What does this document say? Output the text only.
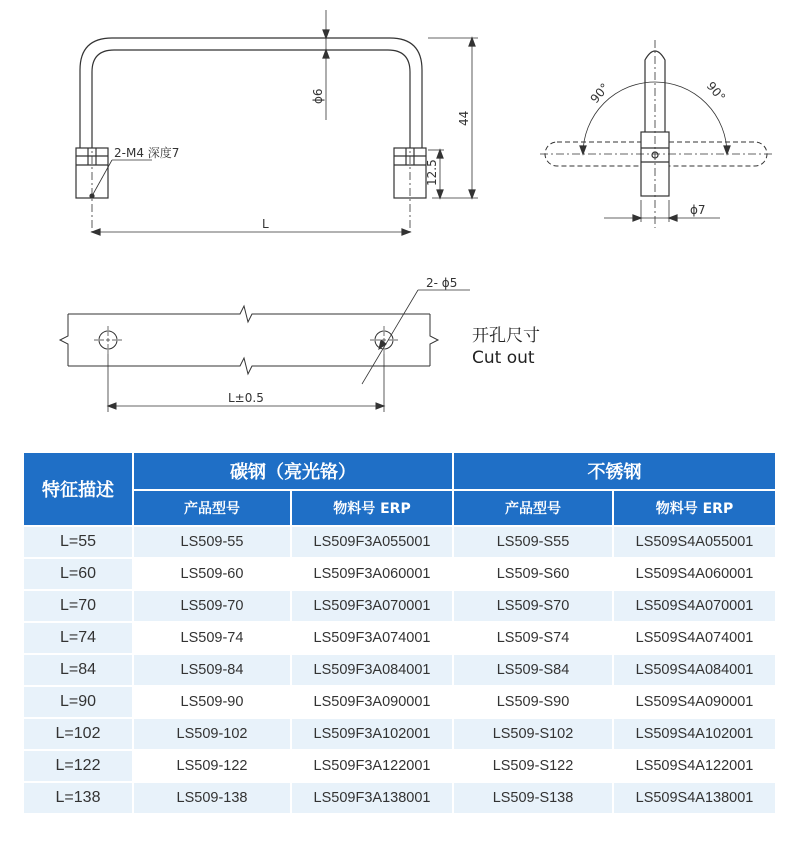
ϕ6
44
12.5
2-M4 深度7
L
90°	90°
ϕ7
2- ϕ5
L±0.5
开孔尺寸
Cut out
特征描述	碳钢（亮光铬）		不锈钢	
	产品型号	物料号 ERP	产品型号	物料号 ERP
L=55	LS509-55	LS509F3A055001	LS509-S55	LS509S4A055001
L=60	LS509-60	LS509F3A060001	LS509-S60	LS509S4A060001
L=70	LS509-70	LS509F3A070001	LS509-S70	LS509S4A070001
L=74	LS509-74	LS509F3A074001	LS509-S74	LS509S4A074001
L=84	LS509-84	LS509F3A084001	LS509-S84	LS509S4A084001
L=90	LS509-90	LS509F3A090001	LS509-S90	LS509S4A090001
L=102	LS509-102	LS509F3A102001	LS509-S102	LS509S4A102001
L=122	LS509-122	LS509F3A122001	LS509-S122	LS509S4A122001
L=138	LS509-138	LS509F3A138001	LS509-S138	LS509S4A138001
